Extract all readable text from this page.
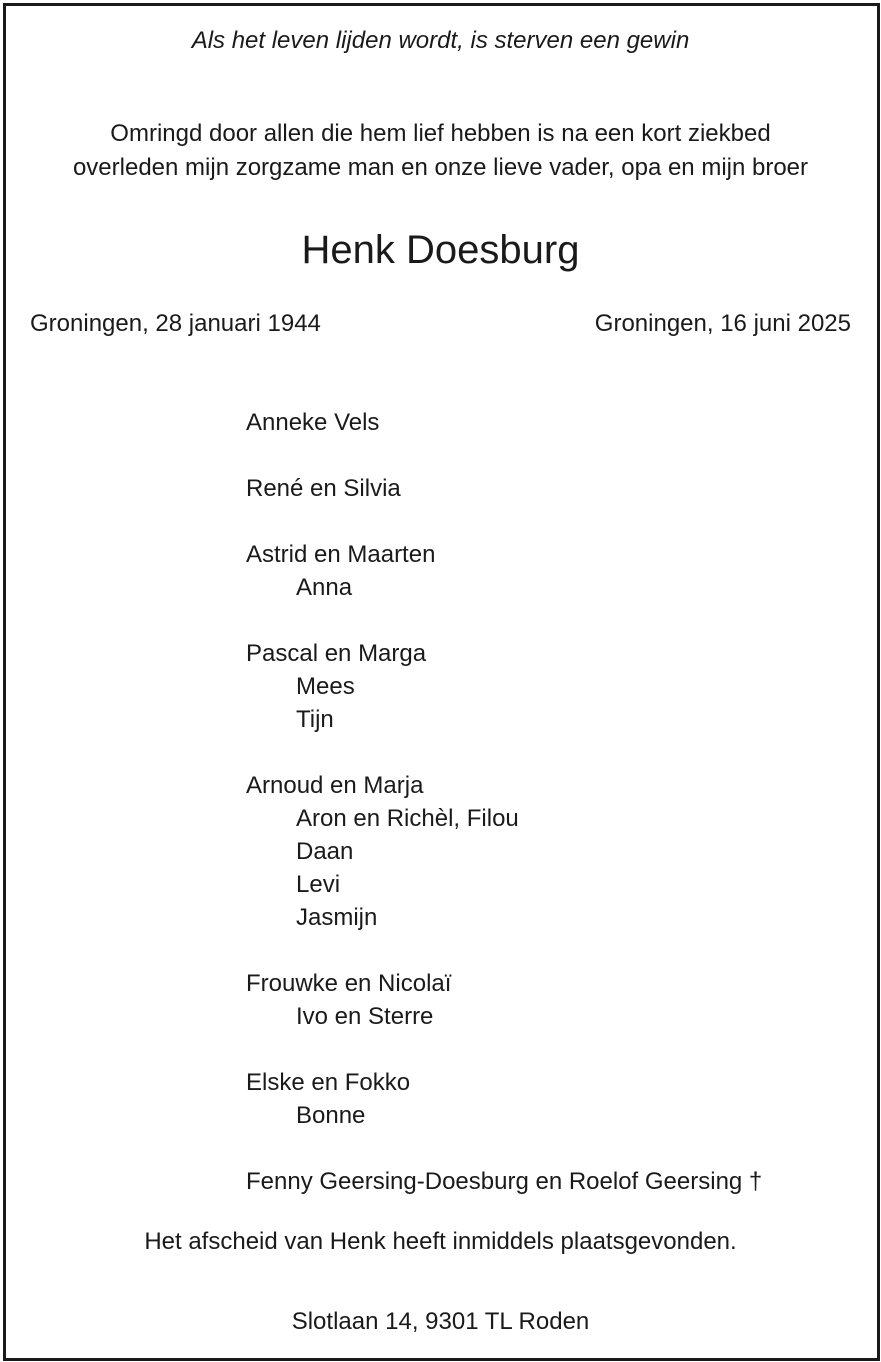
Als het leven lijden wordt, is sterven een gewin
Omringd door allen die hem lief hebben is na een kort ziekbed
overleden mijn zorgzame man en onze lieve vader, opa en mijn broer
Henk Doesburg
Groningen, 28 januari 1944	Groningen, 16 juni 2025
Anneke Vels
René en Silvia
Astrid en Maarten
Anna
Pascal en Marga
Mees
Tijn
Arnoud en Marja
Aron en Richèl, Filou
Daan
Levi
Jasmijn
Frouwke en Nicolaï
Ivo en Sterre
Elske en Fokko
Bonne
Fenny Geersing-Doesburg en Roelof Geersing †
Het afscheid van Henk heeft inmiddels plaatsgevonden.
Slotlaan 14, 9301 TL Roden
